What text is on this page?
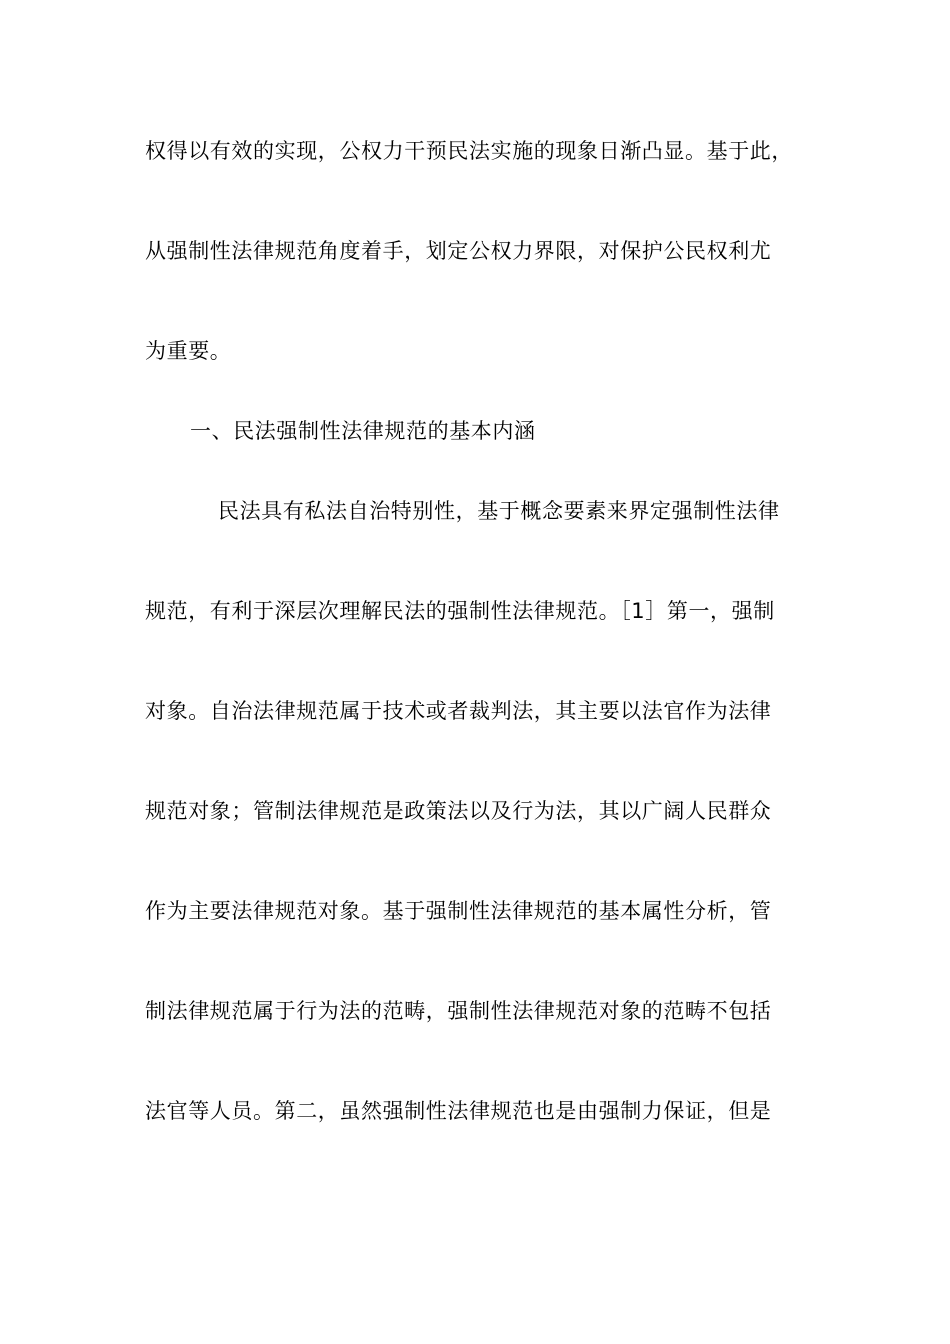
权得以有效的实现，公权力干预民法实施的现象日渐凸显。基于此，
从强制性法律规范角度着手，划定公权力界限，对保护公民权利尤
为重要。
一、民法强制性法律规范的基本内涵
民法具有私法自治特别性，基于概念要素来界定强制性法律
规范，有利于深层次理解民法的强制性法律规范。［1］第一，强制
对象。自治法律规范属于技术或者裁判法，其主要以法官作为法律
规范对象；管制法律规范是政策法以及行为法，其以广阔人民群众
作为主要法律规范对象。基于强制性法律规范的基本属性分析，管
制法律规范属于行为法的范畴，强制性法律规范对象的范畴不包括
法官等人员。第二，虽然强制性法律规范也是由强制力保证，但是
